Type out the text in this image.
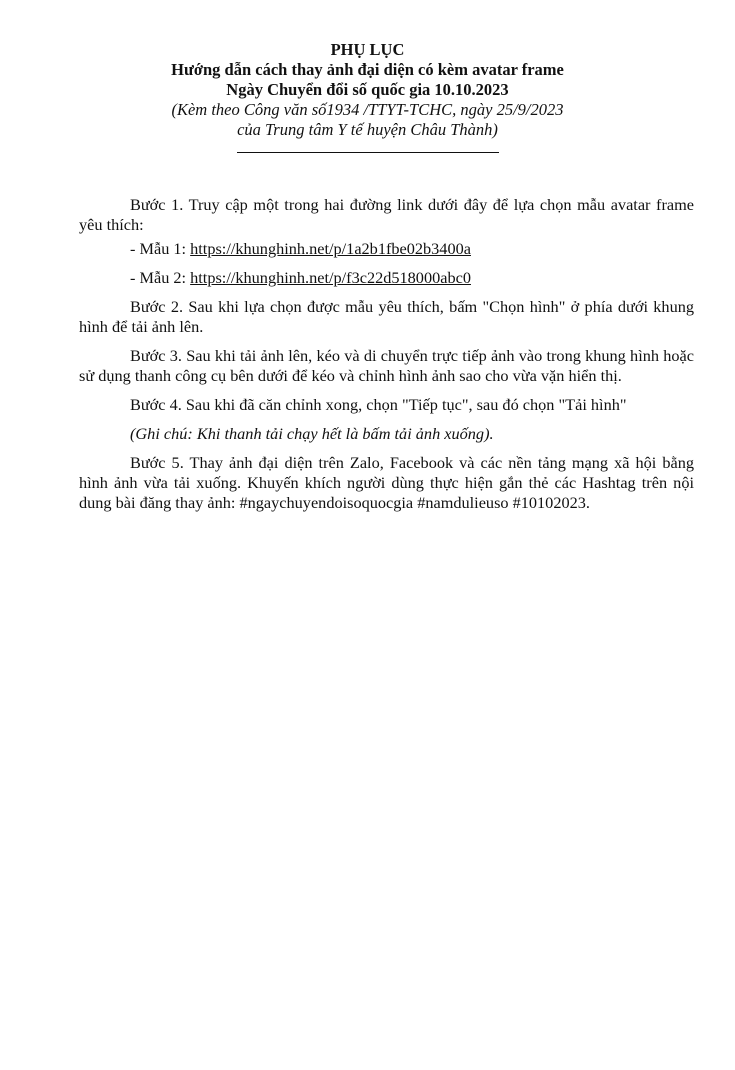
PHỤ LỤC

Hướng dẫn cách thay ảnh đại diện có kèm avatar frame

Ngày Chuyển đổi số quốc gia 10.10.2023

(Kèm theo Công văn số1934 /TTYT-TCHC, ngày 25/9/2023

của Trung tâm Y tế huyện Châu Thành)

Bước 1. Truy cập một trong hai đường link dưới đây để lựa chọn mẫu avatar frame yêu thích:

- Mẫu 1: https://khunghinh.net/p/1a2b1fbe02b3400a

- Mẫu 2: https://khunghinh.net/p/f3c22d518000abc0

Bước 2. Sau khi lựa chọn được mẫu yêu thích, bấm "Chọn hình" ở phía dưới khung hình để tải ảnh lên.

Bước 3. Sau khi tải ảnh lên, kéo và di chuyển trực tiếp ảnh vào trong khung hình hoặc sử dụng thanh công cụ bên dưới để kéo và chỉnh hình ảnh sao cho vừa vặn hiển thị.

Bước 4. Sau khi đã căn chỉnh xong, chọn "Tiếp tục", sau đó chọn "Tải hình"

(Ghi chú: Khi thanh tải chạy hết là bấm tải ảnh xuống).

Bước 5. Thay ảnh đại diện trên Zalo, Facebook và các nền tảng mạng xã hội bằng hình ảnh vừa tải xuống. Khuyến khích người dùng thực hiện gắn thẻ các Hashtag trên nội dung bài đăng thay ảnh: #ngaychuyendoisoquocgia #namdulieuso #10102023.
